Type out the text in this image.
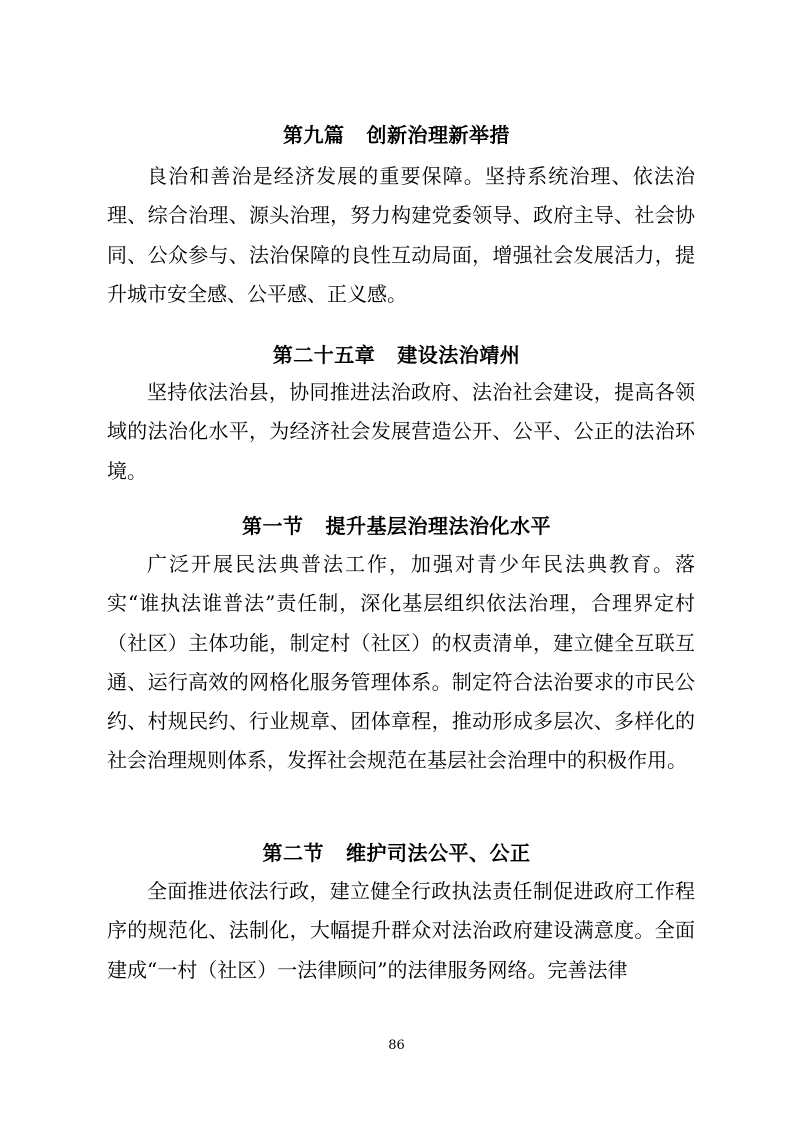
第九篇 创新治理新举措

良治和善治是经济发展的重要保障。坚持系统治理、依法治理、综合治理、源头治理，努力构建党委领导、政府主导、社会协同、公众参与、法治保障的良性互动局面，增强社会发展活力，提升城市安全感、公平感、正义感。

第二十五章 建设法治靖州

坚持依法治县，协同推进法治政府、法治社会建设，提高各领域的法治化水平，为经济社会发展营造公开、公平、公正的法治环境。

第一节 提升基层治理法治化水平

广泛开展民法典普法工作，加强对青少年民法典教育。落实“谁执法谁普法”责任制，深化基层组织依法治理，合理界定村（社区）主体功能，制定村（社区）的权责清单，建立健全互联互通、运行高效的网格化服务管理体系。制定符合法治要求的市民公约、村规民约、行业规章、团体章程，推动形成多层次、多样化的社会治理规则体系，发挥社会规范在基层社会治理中的积极作用。

第二节 维护司法公平、公正

全面推进依法行政，建立健全行政执法责任制促进政府工作程序的规范化、法制化，大幅提升群众对法治政府建设满意度。全面建成“一村（社区）一法律顾问”的法律服务网络。完善法律

86
